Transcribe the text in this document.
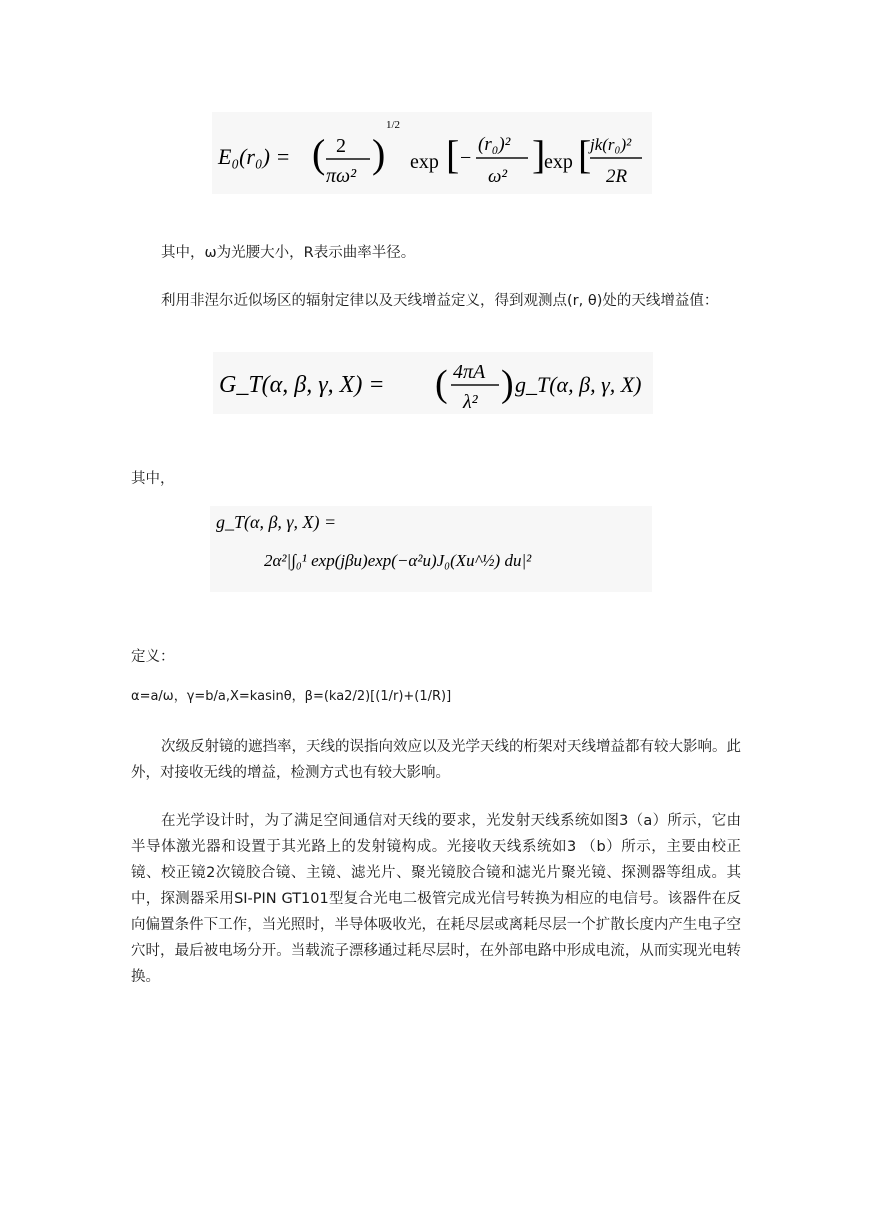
E₀(r₀) = ( 2
πω² )
1/2
exp [ −
(r₀)²
ω² ]
exp [
jk(r₀)²
2R
其中，ω为光腰大小，R表示曲率半径。
利用非涅尔近似场区的辐射定律以及天线增益定义，得到观测点(r, θ)处的天线增益值：
G_T(α, β, γ, X) = ( 4πA
λ² ) g_T(α, β, γ, X)
其中，
g_T(α, β, γ, X) =
2α²|∫₀¹ exp(jβu)exp(−α²u)J₀(Xu^½) du|²
定义：
α=a/ω，γ=b/a,X=kasinθ，β=(ka2/2)[(1/r)+(1/R)]
次级反射镜的遮挡率，天线的误指向效应以及光学天线的桁架对天线增益都有较大影响。此外，对接收无线的增益，检测方式也有较大影响。
在光学设计时，为了满足空间通信对天线的要求，光发射天线系统如图3（a）所示，它由半导体激光器和设置于其光路上的发射镜构成。光接收天线系统如3 （b）所示，主要由校正镜、校正镜2次镜胶合镜、主镜、滤光片、聚光镜胶合镜和滤光片聚光镜、探测器等组成。其中，探测器采用SI-PIN GT101型复合光电二极管完成光信号转换为相应的电信号。该器件在反向偏置条件下工作，当光照时，半导体吸收光，在耗尽层或离耗尽层一个扩散长度内产生电子空穴时，最后被电场分开。当载流子漂移通过耗尽层时，在外部电路中形成电流，从而实现光电转换。
